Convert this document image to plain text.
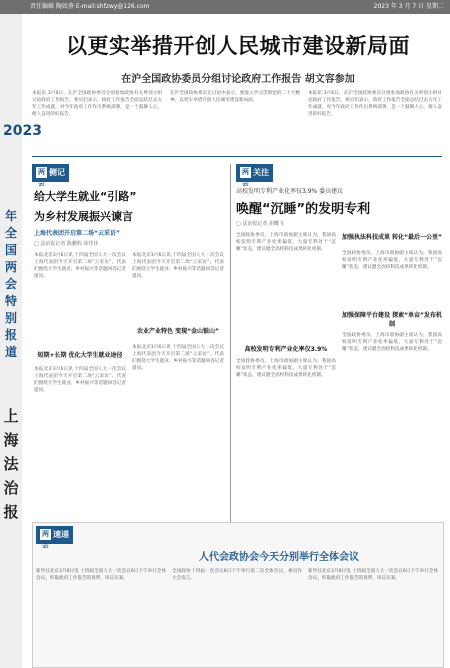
责任编辑 陶如燕 E-mail:shfzwy@126.com	2023 年 3 月 7 日 星期二
2023
年全国两会特别报道
上海法治报
以更实举措开创人民城市建设新局面
在沪全国政协委员分组讨论政府工作报告 胡文容参加
本报讯 3月6日，在沪全国政协委员分别参加政协有关界别小组讨论政府工作报告。委员们表示，政府工作报告全面总结过去五年工作成就，对今年政府工作作出系统部署，是一个鼓舞人心、催人奋进的好报告。
在沪全国政协委员在讨论中表示，要深入学习贯彻党的二十大精神，以更实举措开创人民城市建设新局面。
本报讯 3月6日，在沪全国政协委员分别参加政协有关界别小组讨论政府工作报告。委员们表示，政府工作报告全面总结过去五年工作成就，对今年政府工作作出系统部署，是一个鼓舞人心、催人奋进的好报告。
两会侧记
给大学生就业“引路”
为乡村发展振兴谏言
上海代表团开启第二场“云采访”
□ 法治报记者 陈鹏程 徐佳佳
本报北京3月6日讯 十四届全国人大一次会议上海代表团今天开启第二场“云采访”，代表们围绕大学生就业、乡村振兴等话题回答记者提问。
短期+长期 优化大学生就业途径
本报北京3月6日讯 十四届全国人大一次会议上海代表团今天开启第二场“云采访”，代表们围绕大学生就业、乡村振兴等话题回答记者提问。
本报北京3月6日讯 十四届全国人大一次会议上海代表团今天开启第二场“云采访”，代表们围绕大学生就业、乡村振兴等话题回答记者提问。
农业产业特色 变现“金山银山”
本报北京3月6日讯 十四届全国人大一次会议上海代表团今天开启第二场“云采访”，代表们围绕大学生就业、乡村振兴等话题回答记者提问。
两会关注
高校发明专利产业化率仅3.9% 委员建议
唤醒“沉睡”的发明专利
□ 法治报记者 胡蝶飞
全国政协委员、上海市政协副主席认为，我国高校发明专利产业化率偏低，大量专利处于“沉睡”状态，建议健全高校科技成果转化机制。
高校发明专利产业化率仅3.9%
全国政协委员、上海市政协副主席认为，我国高校发明专利产业化率偏低，大量专利处于“沉睡”状态，建议健全高校科技成果转化机制。
加强执法科技成果 转化“最后一公里”
全国政协委员、上海市政协副主席认为，我国高校发明专利产业化率偏低，大量专利处于“沉睡”状态，建议健全高校科技成果转化机制。
加强保障平台建设 探索“单亩”发布机制
全国政协委员、上海市政协副主席认为，我国高校发明专利产业化率偏低，大量专利处于“沉睡”状态，建议健全高校科技成果转化机制。
两会速递
人代会政协会今天分别举行全体会议
新华社北京3月6日电 十四届全国人大一次会议6日下午举行全体会议，听取政府工作报告的说明，审议议案。
全国政协十四届一次会议6日下午举行第二次全体会议，委员作大会发言。
新华社北京3月6日电 十四届全国人大一次会议6日下午举行全体会议，听取政府工作报告的说明，审议议案。
